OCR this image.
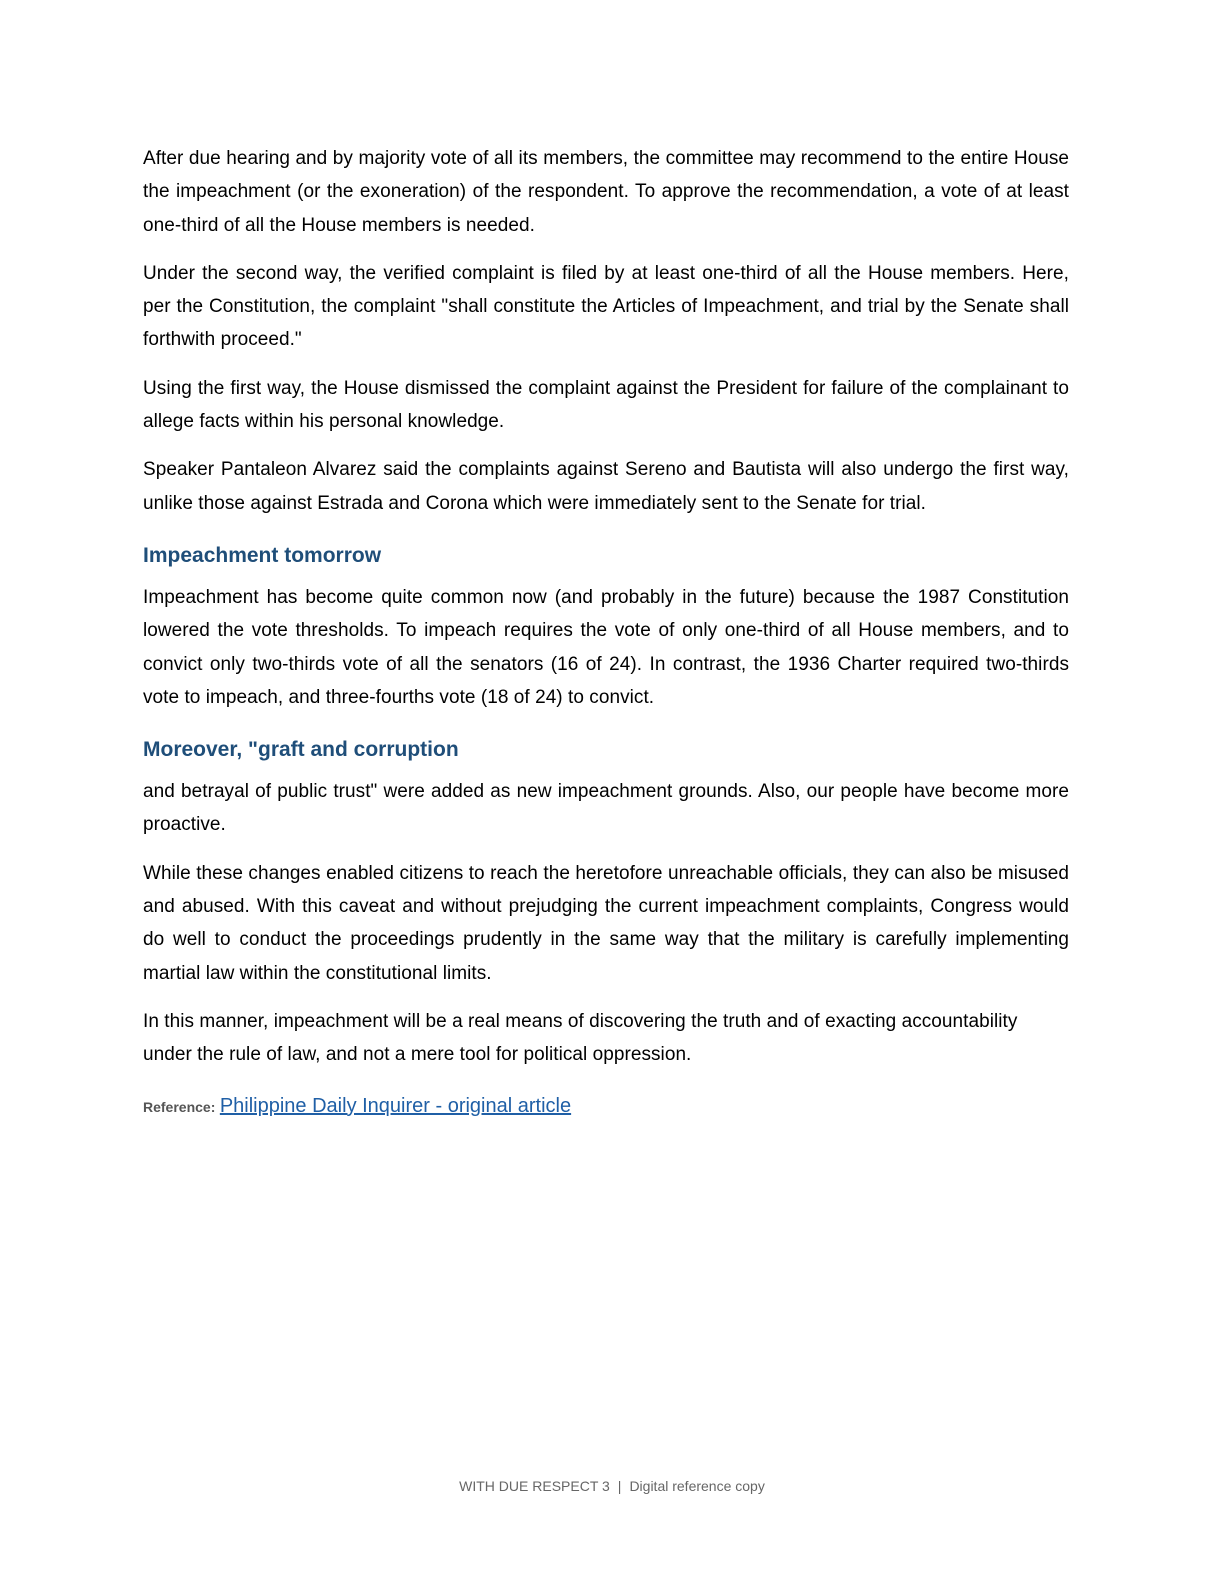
After due hearing and by majority vote of all its members, the committee may recommend to the entire House the impeachment (or the exoneration) of the respondent. To approve the recommendation, a vote of at least one-third of all the House members is needed.

Under the second way, the verified complaint is filed by at least one-third of all the House members. Here, per the Constitution, the complaint "shall constitute the Articles of Impeachment, and trial by the Senate shall forthwith proceed."

Using the first way, the House dismissed the complaint against the President for failure of the complainant to allege facts within his personal knowledge.

Speaker Pantaleon Alvarez said the complaints against Sereno and Bautista will also undergo the first way, unlike those against Estrada and Corona which were immediately sent to the Senate for trial.

Impeachment tomorrow

Impeachment has become quite common now (and probably in the future) because the 1987 Constitution lowered the vote thresholds. To impeach requires the vote of only one-third of all House members, and to convict only two-thirds vote of all the senators (16 of 24). In contrast, the 1936 Charter required two-thirds vote to impeach, and three-fourths vote (18 of 24) to convict.

Moreover, "graft and corruption

and betrayal of public trust" were added as new impeachment grounds. Also, our people have become more proactive.

While these changes enabled citizens to reach the heretofore unreachable officials, they can also be misused and abused. With this caveat and without prejudging the current impeachment complaints, Congress would do well to conduct the proceedings prudently in the same way that the military is carefully implementing martial law within the constitutional limits.

In this manner, impeachment will be a real means of discovering the truth and of exacting accountability under the rule of law, and not a mere tool for political oppression.

Reference: Philippine Daily Inquirer - original article
WITH DUE RESPECT 3 | Digital reference copy
